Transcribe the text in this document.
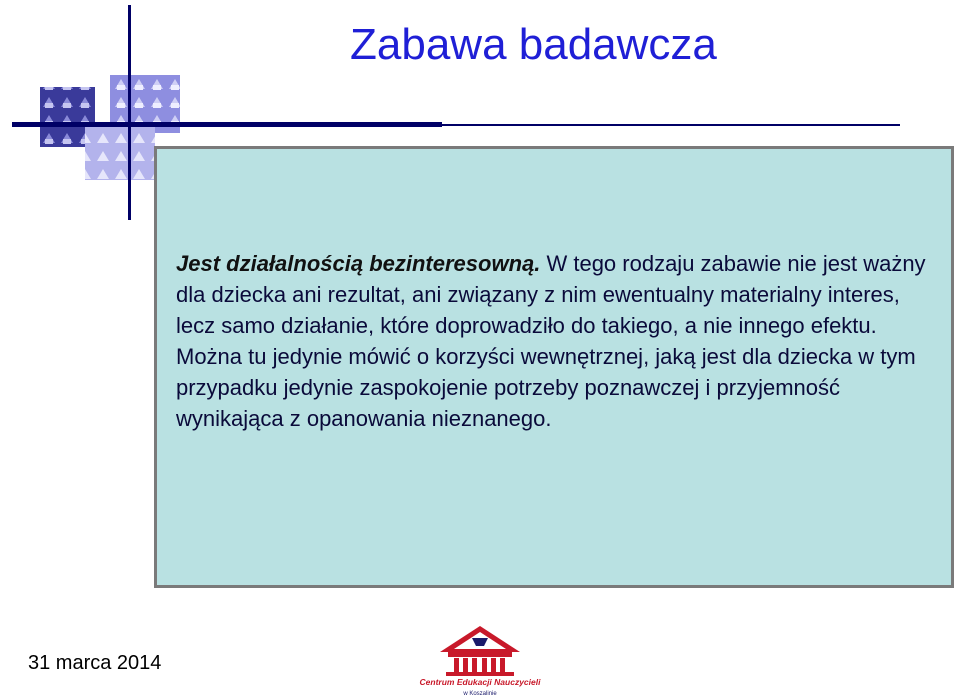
Zabawa badawcza
Jest działalnością bezinteresowną. W tego rodzaju zabawie nie jest ważny dla dziecka ani rezultat, ani związany z nim ewentualny materialny interes, lecz samo działanie, które doprowadziło do takiego, a nie innego efektu. Można tu jedynie mówić o korzyści wewnętrznej, jaką jest dla dziecka w tym przypadku jedynie zaspokojenie potrzeby poznawczej i przyjemność wynikająca z opanowania nieznanego.
31 marca 2014
Centrum Edukacji Nauczycieli
w Koszalinie
